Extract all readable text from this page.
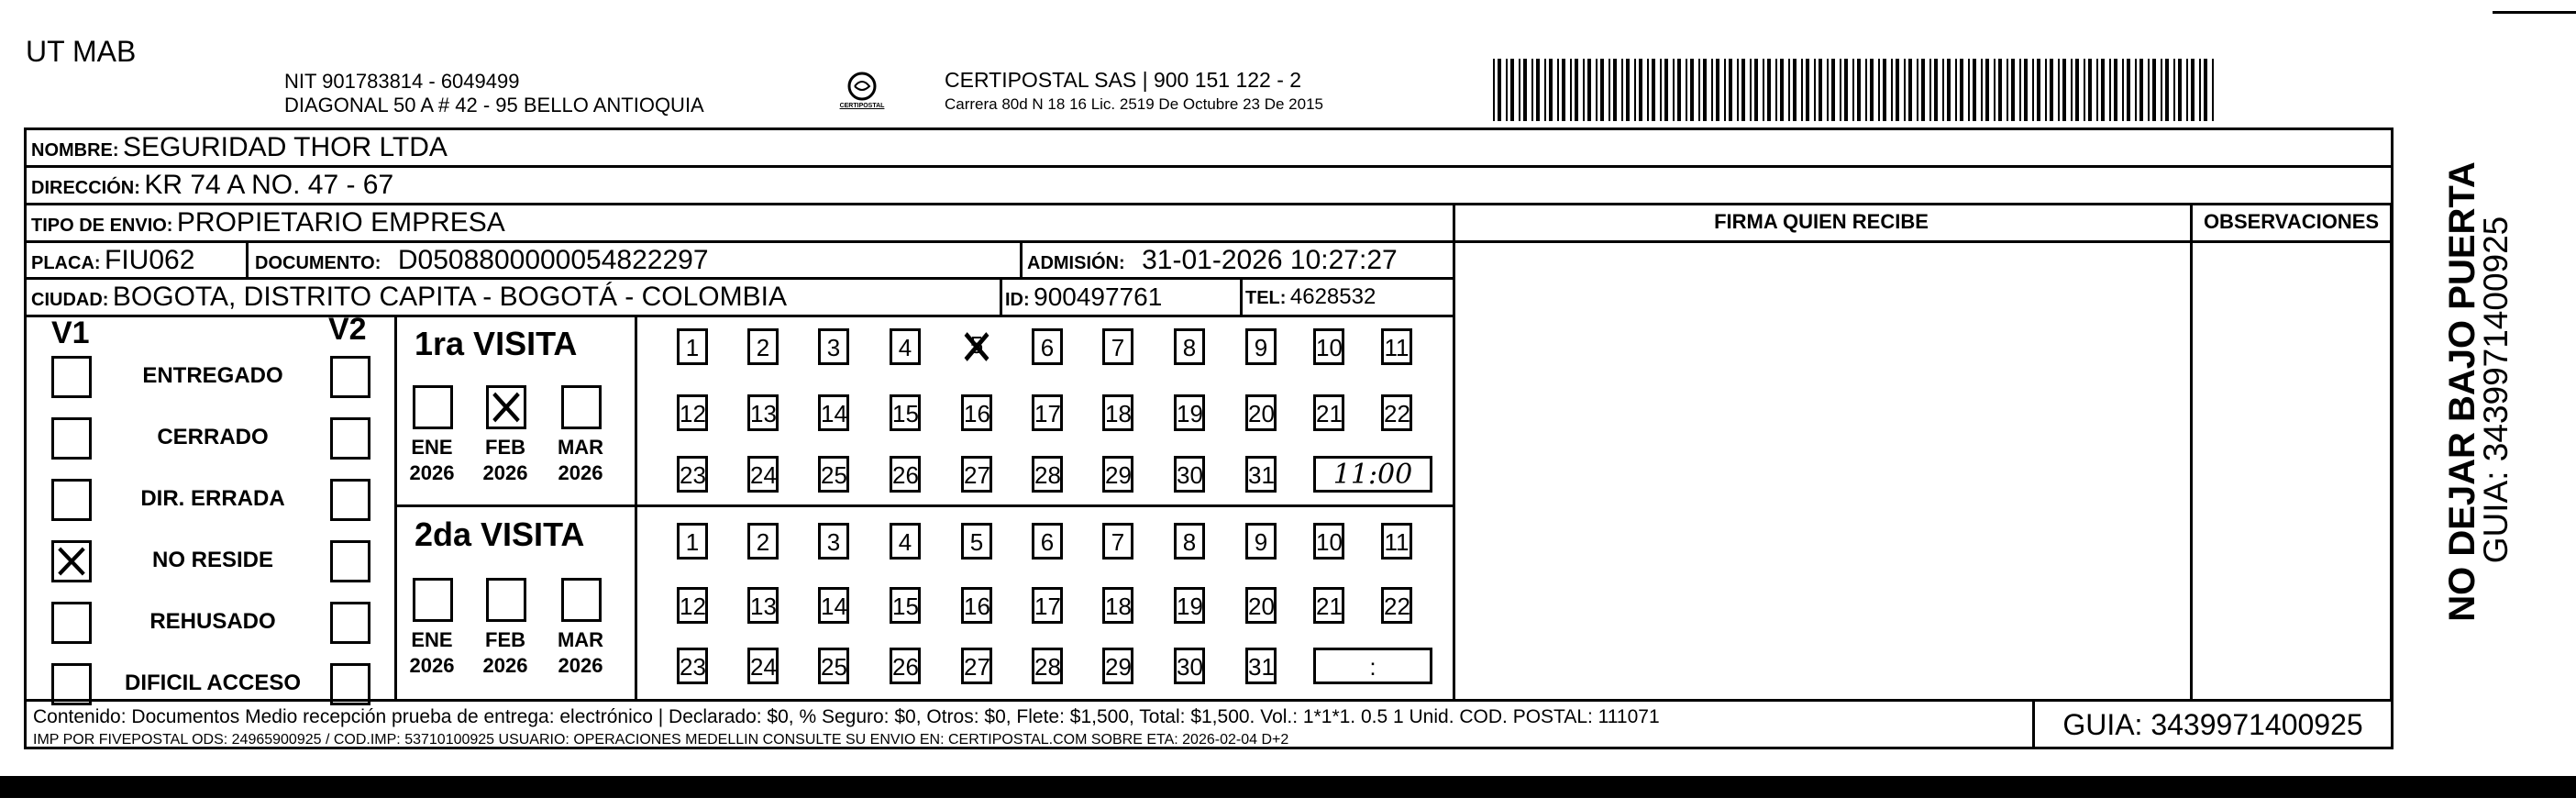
UT MAB
NIT 901783814 - 6049499
DIAGONAL 50 A # 42 - 95 BELLO ANTIOQUIA	CERTIPOSTAL
CERTIPOSTAL SAS | 900 151 122 - 2
Carrera 80d N 18 16 Lic. 2519 De Octubre 23 De 2015
NOMBRE: SEGURIDAD THOR LTDA
DIRECCIÓN: KR 74 A NO. 47 - 67
TIPO DE ENVIO: PROPIETARIO EMPRESA
PLACA: FIU062	DOCUMENTO: D0508800000054822297	ADMISIÓN: 31-01-2026 10:27:27
CIUDAD: BOGOTA, DISTRITO CAPITA - BOGOTÁ - COLOMBIA	ID: 900497761	TEL: 4628532
FIRMA QUIEN RECIBE	OBSERVACIONES
V1	V2
ENTREGADO
CERRADO
DIR. ERRADA
NO RESIDE
REHUSADO
DIFICIL ACCESO
1ra VISITA
2da VISITA
ENE
2026
FEB
2026
MAR
2026
ENE
2026
FEB
2026
MAR
2026
1	2	3	4	5	6	7	8	9	10 11
12 13 14 15 16 17 18 19 20 21 22
23 24 25 26 27 28 29 30 31	11:00
1	2	3	4	5	6	7	8	9	10 11
12 13 14 15 16 17 18 19 20 21 22
23 24 25 26 27 28 29 30 31	:
Contenido: Documentos Medio recepción prueba de entrega: electrónico | Declarado: $0, % Seguro: $0, Otros: $0, Flete: $1,500, Total: $1,500. Vol.: 1*1*1. 0.5 1 Unid. COD. POSTAL: 111071
IMP POR FIVEPOSTAL ODS: 24965900925 / COD.IMP: 53710100925 USUARIO: OPERACIONES MEDELLIN CONSULTE SU ENVIO EN: CERTIPOSTAL.COM SOBRE ETA: 2026-02-04 D+2	GUIA: 3439971400925
NO DEJAR BAJO PUERTA
GUIA: 3439971400925
